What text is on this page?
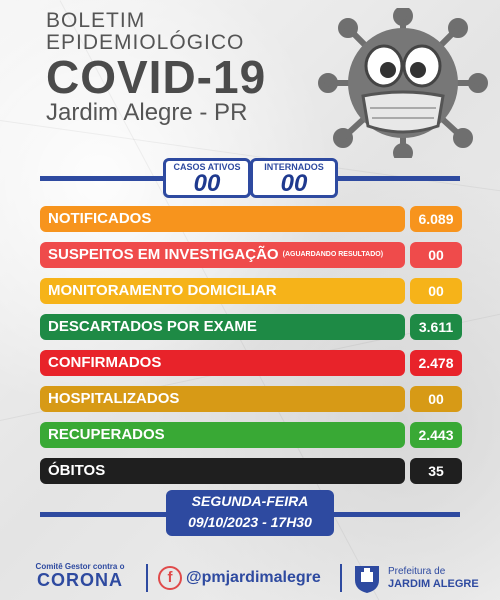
BOLETIM
EPIDEMIOLÓGICO
COVID-19
Jardim Alegre - PR
CASOS ATIVOS
00
INTERNADOS
00
NOTIFICADOS	6.089
SUSPEITOS EM INVESTIGAÇÃO (AGUARDANDO RESULTADO)	00
MONITORAMENTO DOMICILIAR	00
DESCARTADOS POR EXAME	3.611
CONFIRMADOS	2.478
HOSPITALIZADOS	00
RECUPERADOS	2.443
ÓBITOS	35
SEGUNDA-FEIRA
09/10/2023 - 17H30
Comitê Gestor contra o
CORONA	f @pmjardimalegre	Prefeitura de
JARDIM ALEGRE
